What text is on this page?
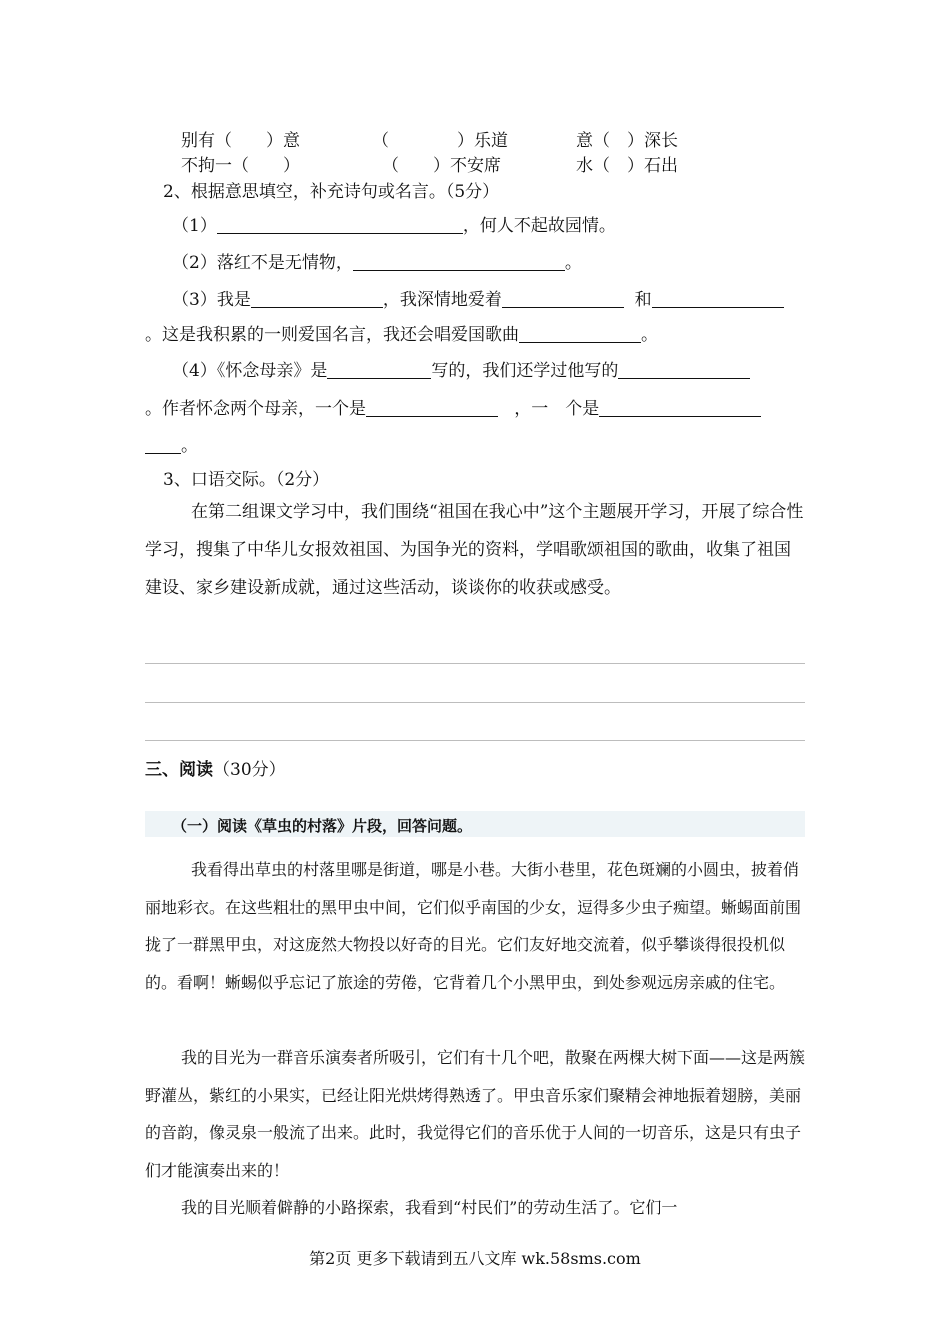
别有（　　）意	（　　　　）乐道	意（　）深长
不拘一（　　）	（　　）不安席	水（　）石出
2、根据意思填空，补充诗句或名言。（5分）
（1）	，何人不起故园情。
（2）落红不是无情物，	。
（3）我是	，我深情地爱着	和
。这是我积累的一则爱国名言，我还会唱爱国歌曲	。
（4）《怀念母亲》是	写的，我们还学过他写的
。作者怀念两个母亲，一个是	，一　个是
。
3、口语交际。（2分）
在第二组课文学习中，我们围绕“祖国在我心中”这个主题展开学习，开展了综合性学习，搜集了中华儿女报效祖国、为国争光的资料，学唱歌颂祖国的歌曲，收集了祖国建设、家乡建设新成就，通过这些活动，谈谈你的收获或感受。
三、阅读（30分）
（一）阅读《草虫的村落》片段，回答问题。
我看得出草虫的村落里哪是街道，哪是小巷。大街小巷里，花色斑斓的小圆虫，披着俏丽地彩衣。在这些粗壮的黑甲虫中间，它们似乎南国的少女，逗得多少虫子痴望。蜥蜴面前围拢了一群黑甲虫，对这庞然大物投以好奇的目光。它们友好地交流着，似乎攀谈得很投机似的。看啊！蜥蜴似乎忘记了旅途的劳倦，它背着几个小黑甲虫，到处参观远房亲戚的住宅。
我的目光为一群音乐演奏者所吸引，它们有十几个吧，散聚在两棵大树下面——这是两簇野灌丛，紫红的小果实，已经让阳光烘烤得熟透了。甲虫音乐家们聚精会神地振着翅膀，美丽的音韵，像灵泉一般流了出来。此时，我觉得它们的音乐优于人间的一切音乐，这是只有虫子们才能演奏出来的！
我的目光顺着僻静的小路探索，我看到“村民们”的劳动生活了。它们一
第2页 更多下载请到五八文库 wk.58sms.com
